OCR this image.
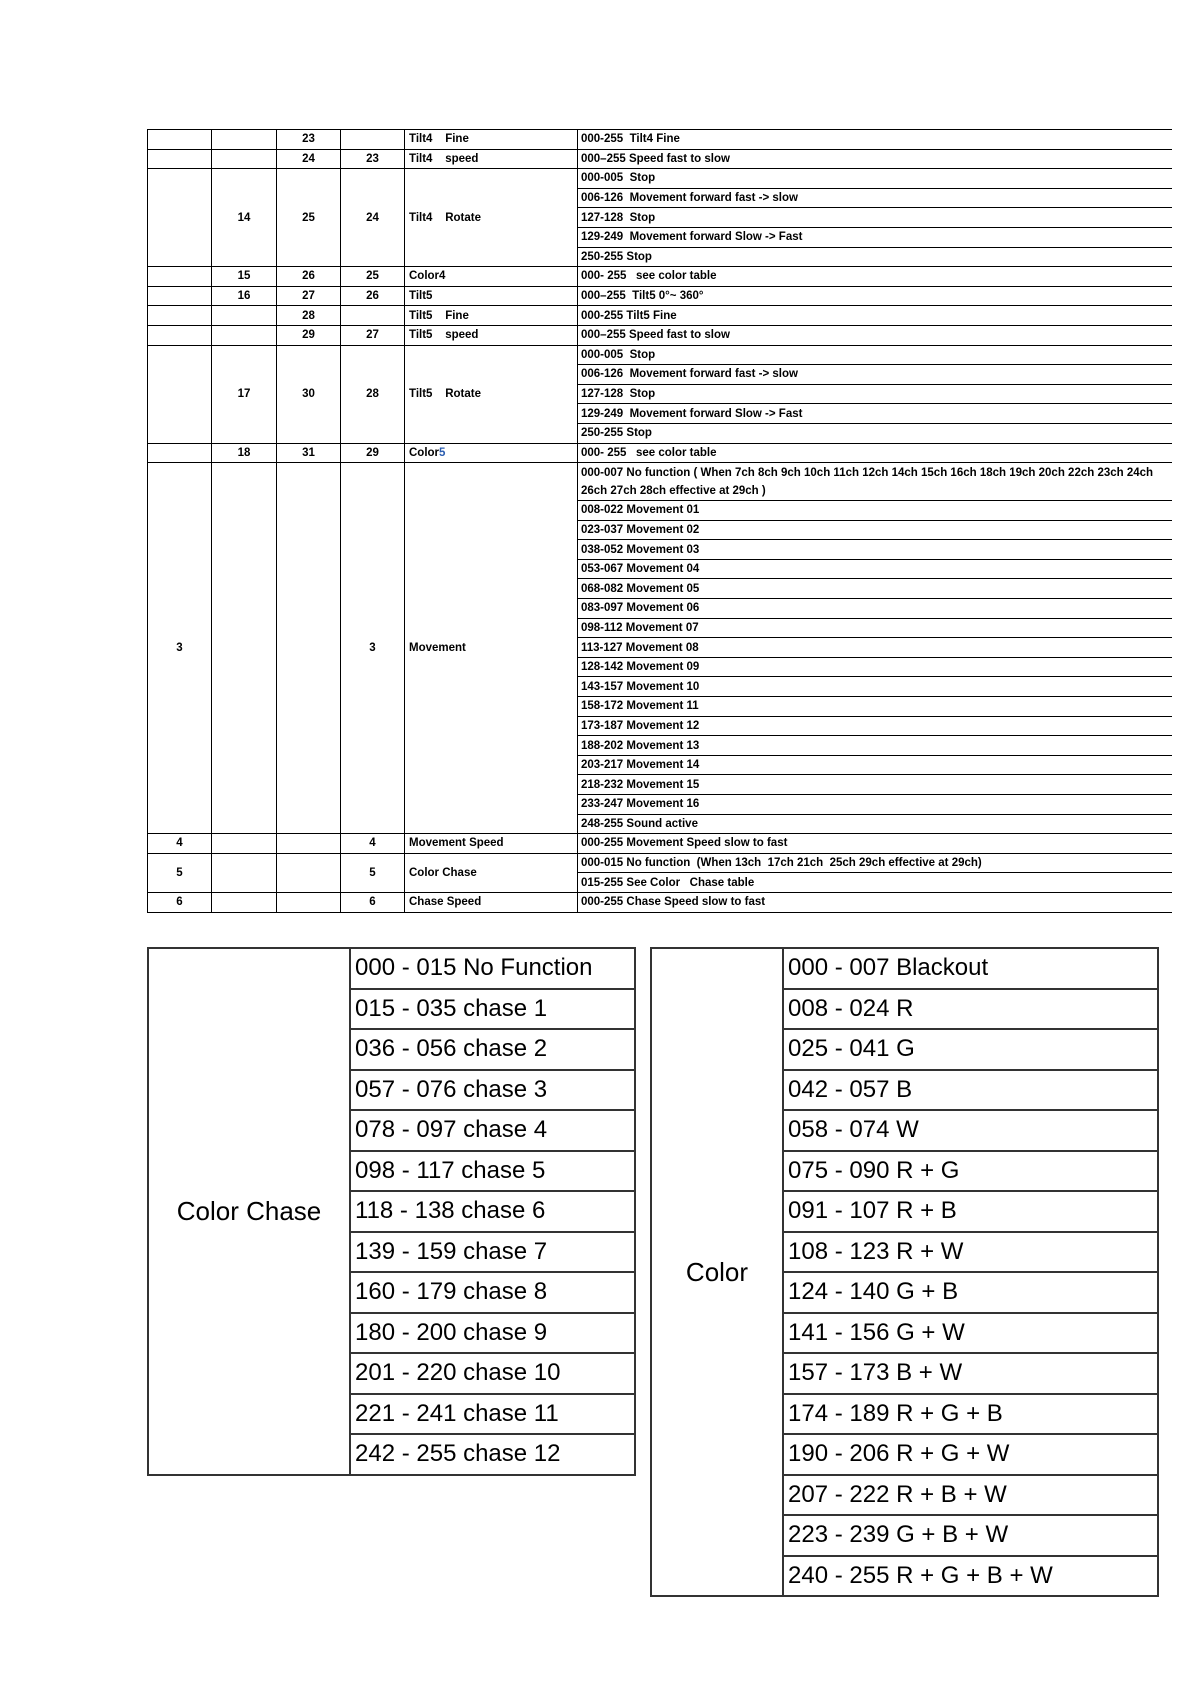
		23		Tilt4    Fine	000-255  Tilt4 Fine
		24	23	Tilt4    speed	000–255 Speed fast to slow
	14	25	24	Tilt4    Rotate	000-005  Stop
					006-126  Movement forward fast -> slow
					127-128  Stop
					129-249  Movement forward Slow -> Fast
					250-255 Stop
	15	26	25	Color4	000- 255   see color table
	16	27	26	Tilt5	000–255  Tilt5 0°~ 360°
		28		Tilt5    Fine	000-255 Tilt5 Fine
		29	27	Tilt5    speed	000–255 Speed fast to slow
	17	30	28	Tilt5    Rotate	000-005  Stop
					006-126  Movement forward fast -> slow
					127-128  Stop
					129-249  Movement forward Slow -> Fast
					250-255 Stop
	18	31	29	Color5	000- 255   see color table
3			3	Movement	000-007 No function ( When 7ch 8ch 9ch 10ch 11ch 12ch 14ch 15ch 16ch 18ch 19ch 20ch 22ch 23ch 24ch 26ch 27ch 28ch effective at 29ch )
					008-022 Movement 01
					023-037 Movement 02
					038-052 Movement 03
					053-067 Movement 04
					068-082 Movement 05
					083-097 Movement 06
					098-112 Movement 07
					113-127 Movement 08
					128-142 Movement 09
					143-157 Movement 10
					158-172 Movement 11
					173-187 Movement 12
					188-202 Movement 13
					203-217 Movement 14
					218-232 Movement 15
					233-247 Movement 16
					248-255 Sound active
4			4	Movement Speed	000-255 Movement Speed slow to fast
5			5	Color Chase	000-015 No function  (When 13ch  17ch 21ch  25ch 29ch effective at 29ch)
					015-255 See Color   Chase table
6			6	Chase Speed	000-255 Chase Speed slow to fast
Color Chase	000 - 015 No Function
015 - 035 chase 1
036 - 056 chase 2
057 - 076 chase 3
078 - 097 chase 4
098 - 117 chase 5
118 - 138 chase 6
139 - 159 chase 7
160 - 179 chase 8
180 - 200 chase 9
201 - 220 chase 10
221 - 241 chase 11
242 - 255 chase 12
Color	000 - 007 Blackout
008 - 024 R
025 - 041 G
042 - 057 B
058 - 074 W
075 - 090 R + G
091 - 107 R + B
108 - 123 R + W
124 - 140 G + B
141 - 156 G + W
157 - 173 B + W
174 - 189 R + G + B
190 - 206 R + G + W
207 - 222 R + B + W
223 - 239 G + B + W
240 - 255 R + G + B + W
